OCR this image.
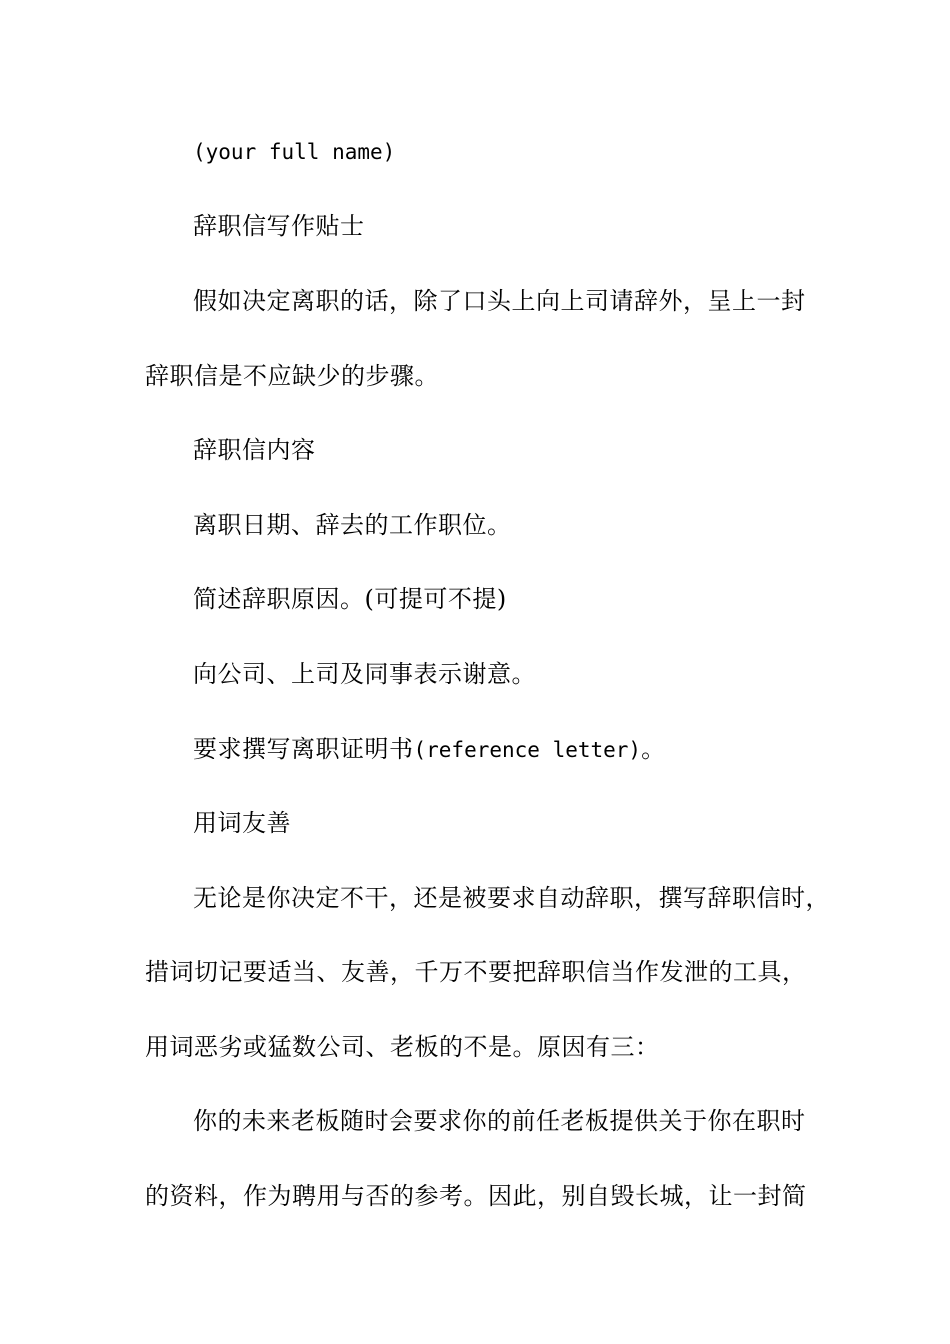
(your full name)
辞职信写作贴士
假如决定离职的话，除了口头上向上司请辞外，呈上一封
辞职信是不应缺少的步骤。
辞职信内容
离职日期、辞去的工作职位。
简述辞职原因。(可提可不提)
向公司、上司及同事表示谢意。
要求撰写离职证明书(reference letter)。
用词友善
无论是你决定不干，还是被要求自动辞职，撰写辞职信时，
措词切记要适当、友善，千万不要把辞职信当作发泄的工具，
用词恶劣或猛数公司、老板的不是。原因有三：
你的未来老板随时会要求你的前任老板提供关于你在职时
的资料，作为聘用与否的参考。因此，别自毁长城，让一封简
